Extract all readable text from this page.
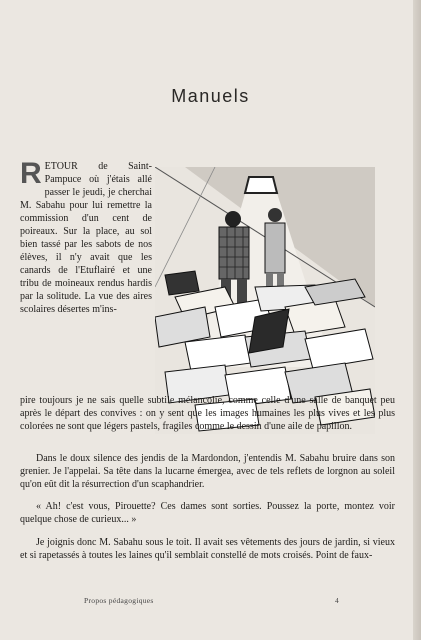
Manuels

RETOUR de Saint-Pampuce où j'étais allé passer le jeudi, je cherchai M. Sabahu pour lui remettre la commission d'un cent de poireaux. Sur la place, au sol bien tassé par les sabots de nos élèves, il n'y avait que les canards de l'Etuflairé et une tribu de moineaux rendus hardis par la solitude. La vue des aires scolaires désertes m'ins-

pire toujours je ne sais quelle subtile mélancolie, comme celle d'une salle de banquet peu après le départ des convives : on y sent que les images humaines les plus vives et les plus colorées ne sont que légers pastels, fragiles comme le dessin d'une aile de papillon.

Dans le doux silence des jendis de la Mardondon, j'entendis M. Sabahu bruire dans son grenier. Je l'appelai. Sa tête dans la lucarne émergea, avec de tels reflets de lorgnon au soleil qu'on eût dit la résurrection d'un scaphandrier.

« Ah! c'est vous, Pirouette? Ces dames sont sorties. Poussez la porte, montez voir quelque chose de curieux... »

Je joignis donc M. Sabahu sous le toit. Il avait ses vêtements des jours de jardin, si vieux et si rapetassés à toutes les laines qu'il semblait constellé de mots croisés. Point de faux-

Propos pédagogiques	4
